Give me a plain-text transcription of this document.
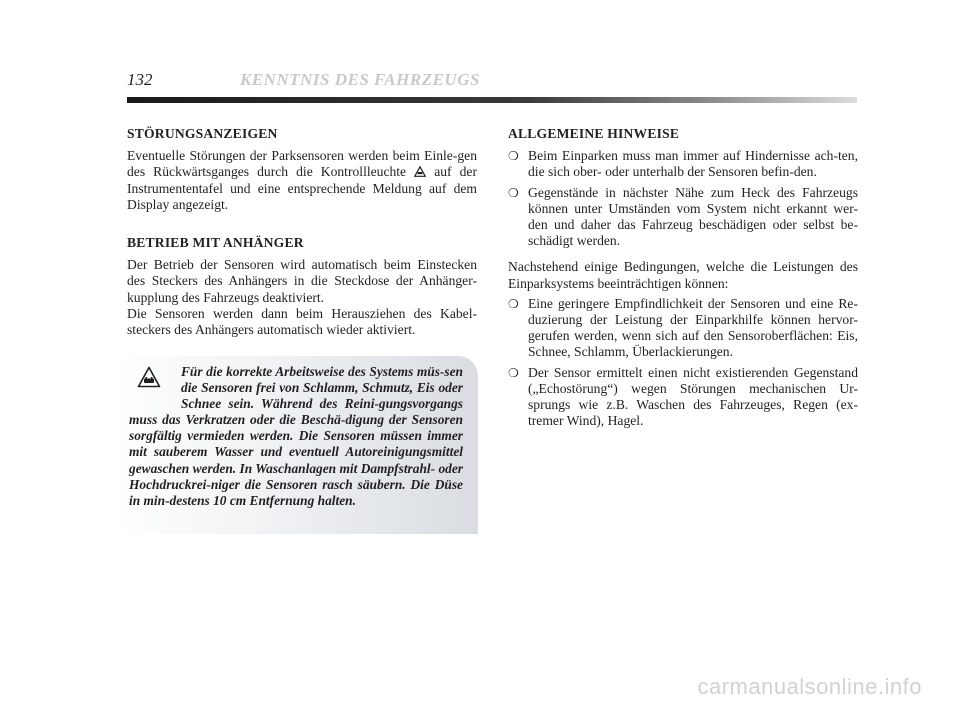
132	KENNTNIS DES FAHRZEUGS
STÖRUNGSANZEIGEN

Eventuelle Störungen der Parksensoren werden beim Einle-gen des Rückwärtsganges durch die Kontrollleuchte auf der Instrumententafel und eine entsprechende Meldung auf dem Display angezeigt.

BETRIEB MIT ANHÄNGER

Der Betrieb der Sensoren wird automatisch beim Einstecken des Steckers des Anhängers in die Steckdose der Anhänger-kupplung des Fahrzeugs deaktiviert.

Die Sensoren werden dann beim Herausziehen des Kabel-steckers des Anhängers automatisch wieder aktiviert.

Für die korrekte Arbeitsweise des Systems müs-sen die Sensoren frei von Schlamm, Schmutz, Eis oder Schnee sein. Während des Reini-gungsvorgangs muss das Verkratzen oder die Beschä-digung der Sensoren sorgfältig vermieden werden. Die Sensoren müssen immer mit sauberem Wasser und eventuell Autoreinigungsmittel gewaschen werden. In Waschanlagen mit Dampfstrahl- oder Hochdruckrei-niger die Sensoren rasch säubern. Die Düse in min-destens 10 cm Entfernung halten.

ALLGEMEINE HINWEISE
❍ Beim Einparken muss man immer auf Hindernisse ach-ten, die sich ober- oder unterhalb der Sensoren befin-den.
❍ Gegenstände in nächster Nähe zum Heck des Fahrzeugs können unter Umständen vom System nicht erkannt wer-den und daher das Fahrzeug beschädigen oder selbst be-schädigt werden.

Nachstehend einige Bedingungen, welche die Leistungen des Einparksystems beeinträchtigen können:

❍ Eine geringere Empfindlichkeit der Sensoren und eine Re-duzierung der Leistung der Einparkhilfe können hervor-gerufen werden, wenn sich auf den Sensoroberflächen: Eis, Schnee, Schlamm, Überlackierungen.
❍ Der Sensor ermittelt einen nicht existierenden Gegenstand („Echostörung“) wegen Störungen mechanischen Ur-sprungs wie z.B. Waschen des Fahrzeuges, Regen (ex-tremer Wind), Hagel.
carmanualsonline.info
